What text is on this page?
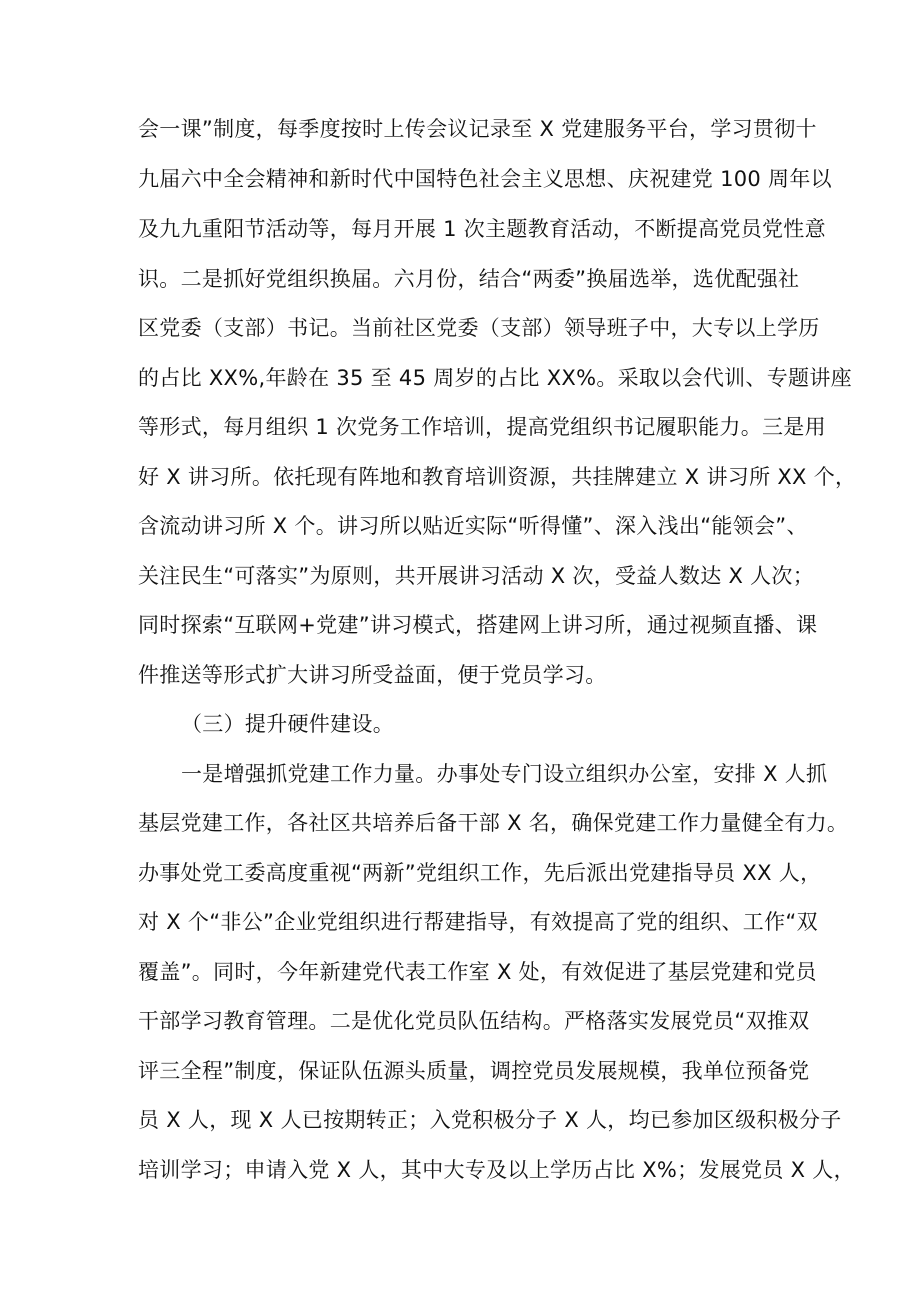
会一课”制度，每季度按时上传会议记录至 X 党建服务平台，学习贯彻十
九届六中全会精神和新时代中国特色社会主义思想、庆祝建党 100 周年以
及九九重阳节活动等，每月开展 1 次主题教育活动，不断提高党员党性意
识。二是抓好党组织换届。六月份，结合“两委”换届选举，选优配强社
区党委（支部）书记。当前社区党委（支部）领导班子中，大专以上学历
的占比 XX%,年龄在 35 至 45 周岁的占比 XX%。采取以会代训、专题讲座
等形式，每月组织 1 次党务工作培训，提高党组织书记履职能力。三是用
好 X 讲习所。依托现有阵地和教育培训资源，共挂牌建立 X 讲习所 XX 个，
含流动讲习所 X 个。讲习所以贴近实际“听得懂”、深入浅出“能领会”、
关注民生“可落实”为原则，共开展讲习活动 X 次，受益人数达 X 人次；
同时探索“互联网+党建”讲习模式，搭建网上讲习所，通过视频直播、课
件推送等形式扩大讲习所受益面，便于党员学习。
（三）提升硬件建设。
一是增强抓党建工作力量。办事处专门设立组织办公室，安排 X 人抓
基层党建工作，各社区共培养后备干部 X 名，确保党建工作力量健全有力。
办事处党工委高度重视“两新”党组织工作，先后派出党建指导员 XX 人，
对 X 个“非公”企业党组织进行帮建指导，有效提高了党的组织、工作“双
覆盖”。同时，今年新建党代表工作室 X 处，有效促进了基层党建和党员
干部学习教育管理。二是优化党员队伍结构。严格落实发展党员“双推双
评三全程”制度，保证队伍源头质量，调控党员发展规模，我单位预备党
员 X 人，现 X 人已按期转正；入党积极分子 X 人，均已参加区级积极分子
培训学习；申请入党 X 人，其中大专及以上学历占比 X%；发展党员 X 人，
